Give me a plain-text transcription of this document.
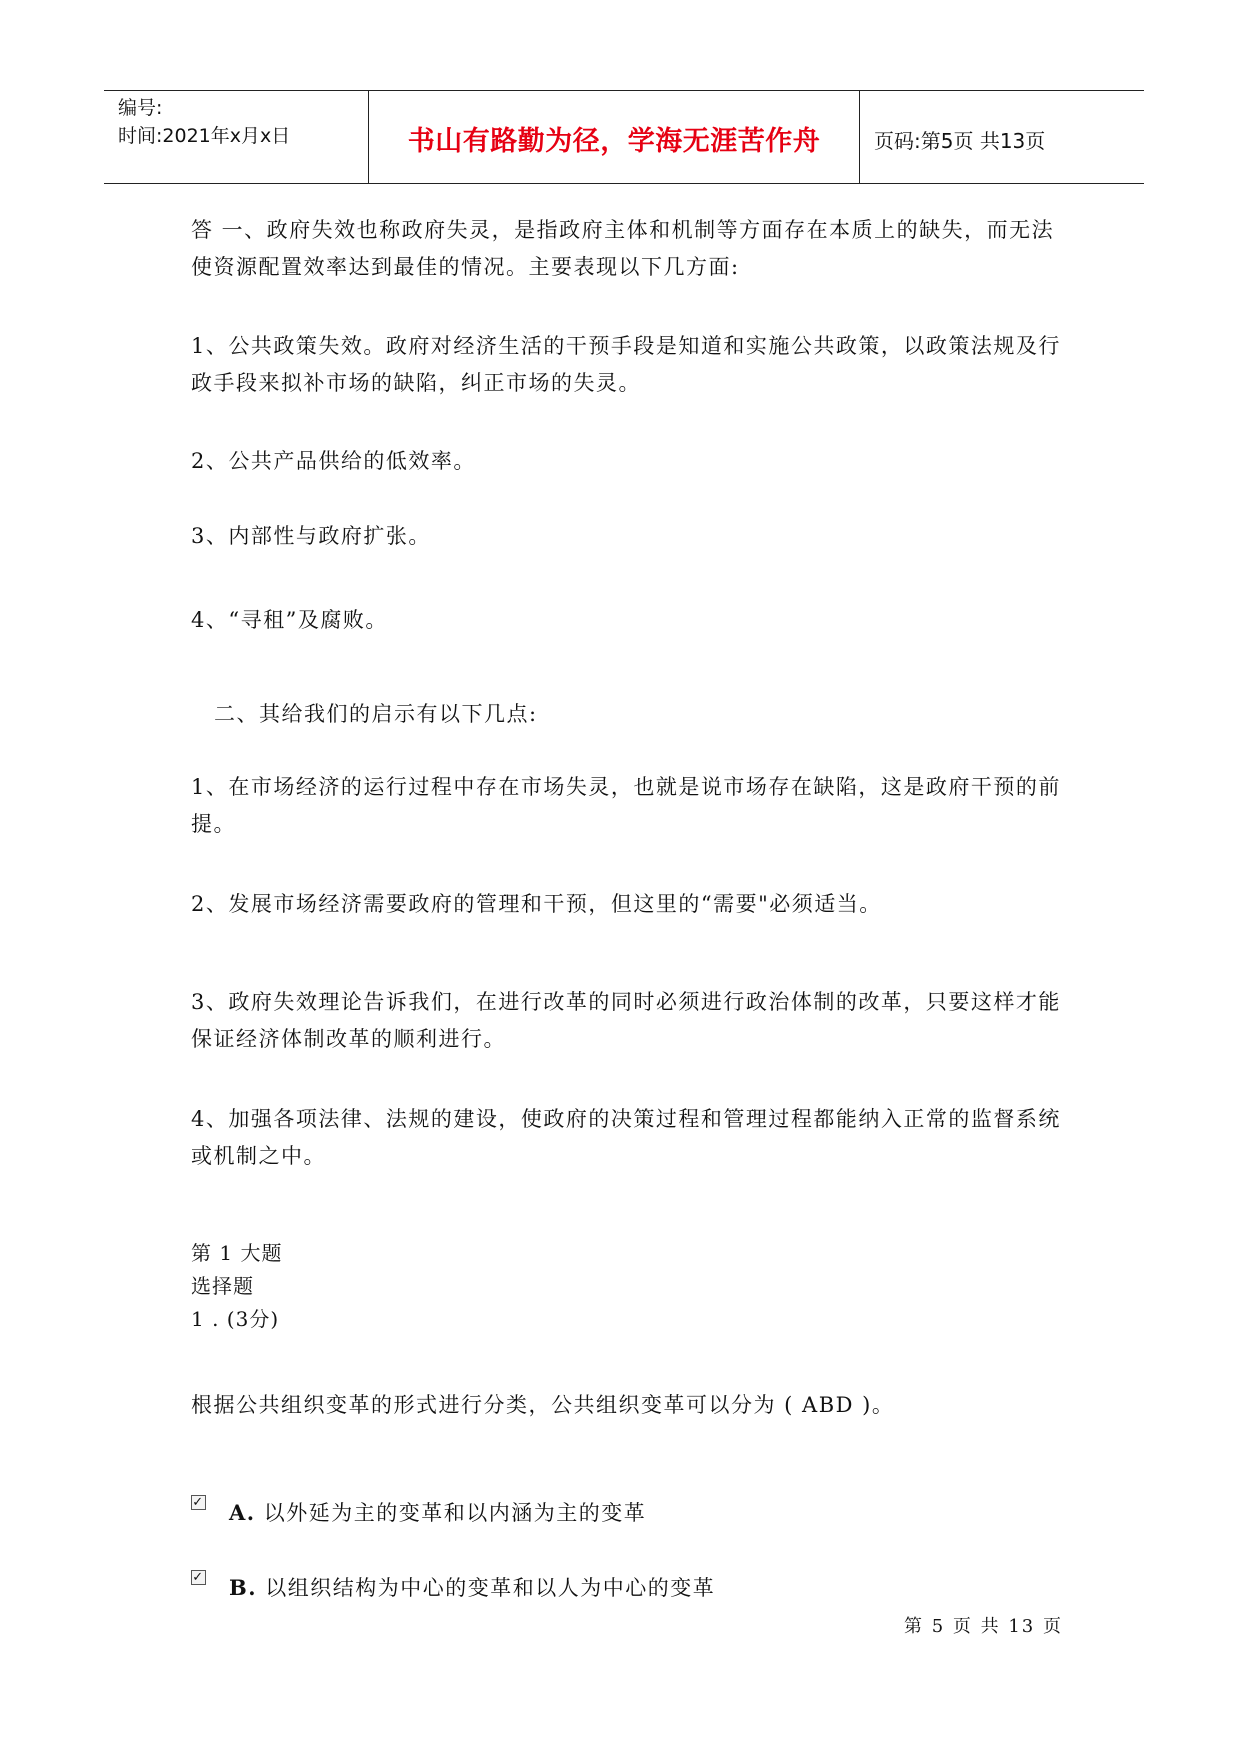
编号:
时间:2021年x月x日	书山有路勤为径，学海无涯苦作舟	页码:第5页 共13页
答 一、政府失效也称政府失灵，是指政府主体和机制等方面存在本质上的缺失，而无法使资源配置效率达到最佳的情况。主要表现以下几方面:
1、公共政策失效。政府对经济生活的干预手段是知道和实施公共政策，以政策法规及行政手段来拟补市场的缺陷，纠正市场的失灵。
2、公共产品供给的低效率。
3、内部性与政府扩张。
4、“寻租”及腐败。
二、其给我们的启示有以下几点:
1、在市场经济的运行过程中存在市场失灵，也就是说市场存在缺陷，这是政府干预的前提。
2、发展市场经济需要政府的管理和干预，但这里的“需要"必须适当。
3、政府失效理论告诉我们，在进行改革的同时必须进行政治体制的改革，只要这样才能保证经济体制改革的顺利进行。
4、加强各项法律、法规的建设，使政府的决策过程和管理过程都能纳入正常的监督系统或机制之中。
第 1 大题
选择题
1 . (3分)
根据公共组织变革的形式进行分类，公共组织变革可以分为 ( ABD )。
✓ A. 以外延为主的变革和以内涵为主的变革
✓ B. 以组织结构为中心的变革和以人为中心的变革
第 5 页 共 13 页
